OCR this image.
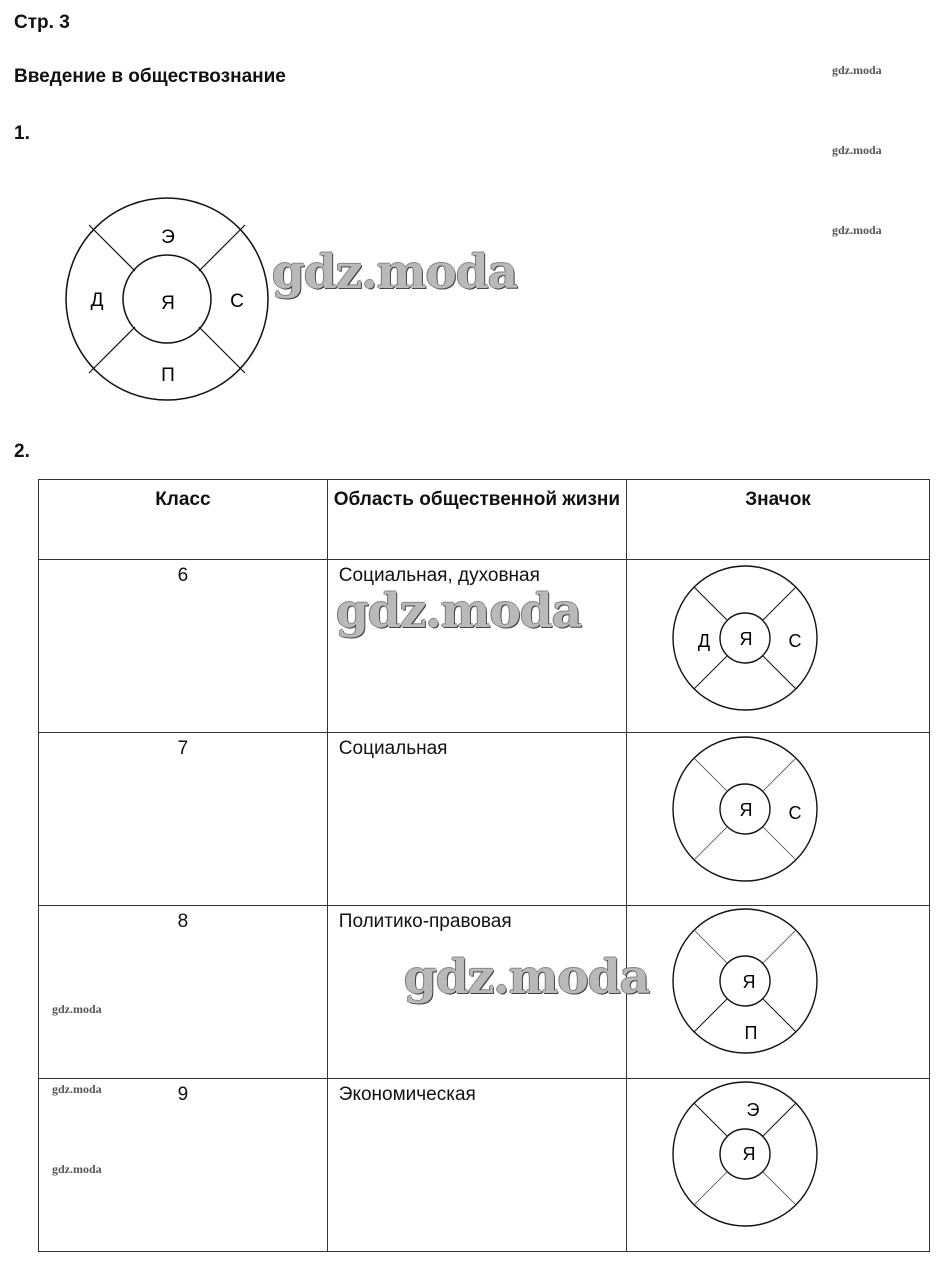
Стр. 3
Введение в обществознание	gdz.moda
gdz.moda
gdz.moda
1.
Я
Э
С
П
Д
gdz.moda
2.
Класс	Область общественной жизни	Значок

6	Социальная, духовная	Я
Д С

7	Социальная	Я С

8	Политико-правовая	Я
П

9	Экономическая	Я
Э
gdz.moda
gdz.moda
gdz.moda
gdz.moda
gdz.moda
